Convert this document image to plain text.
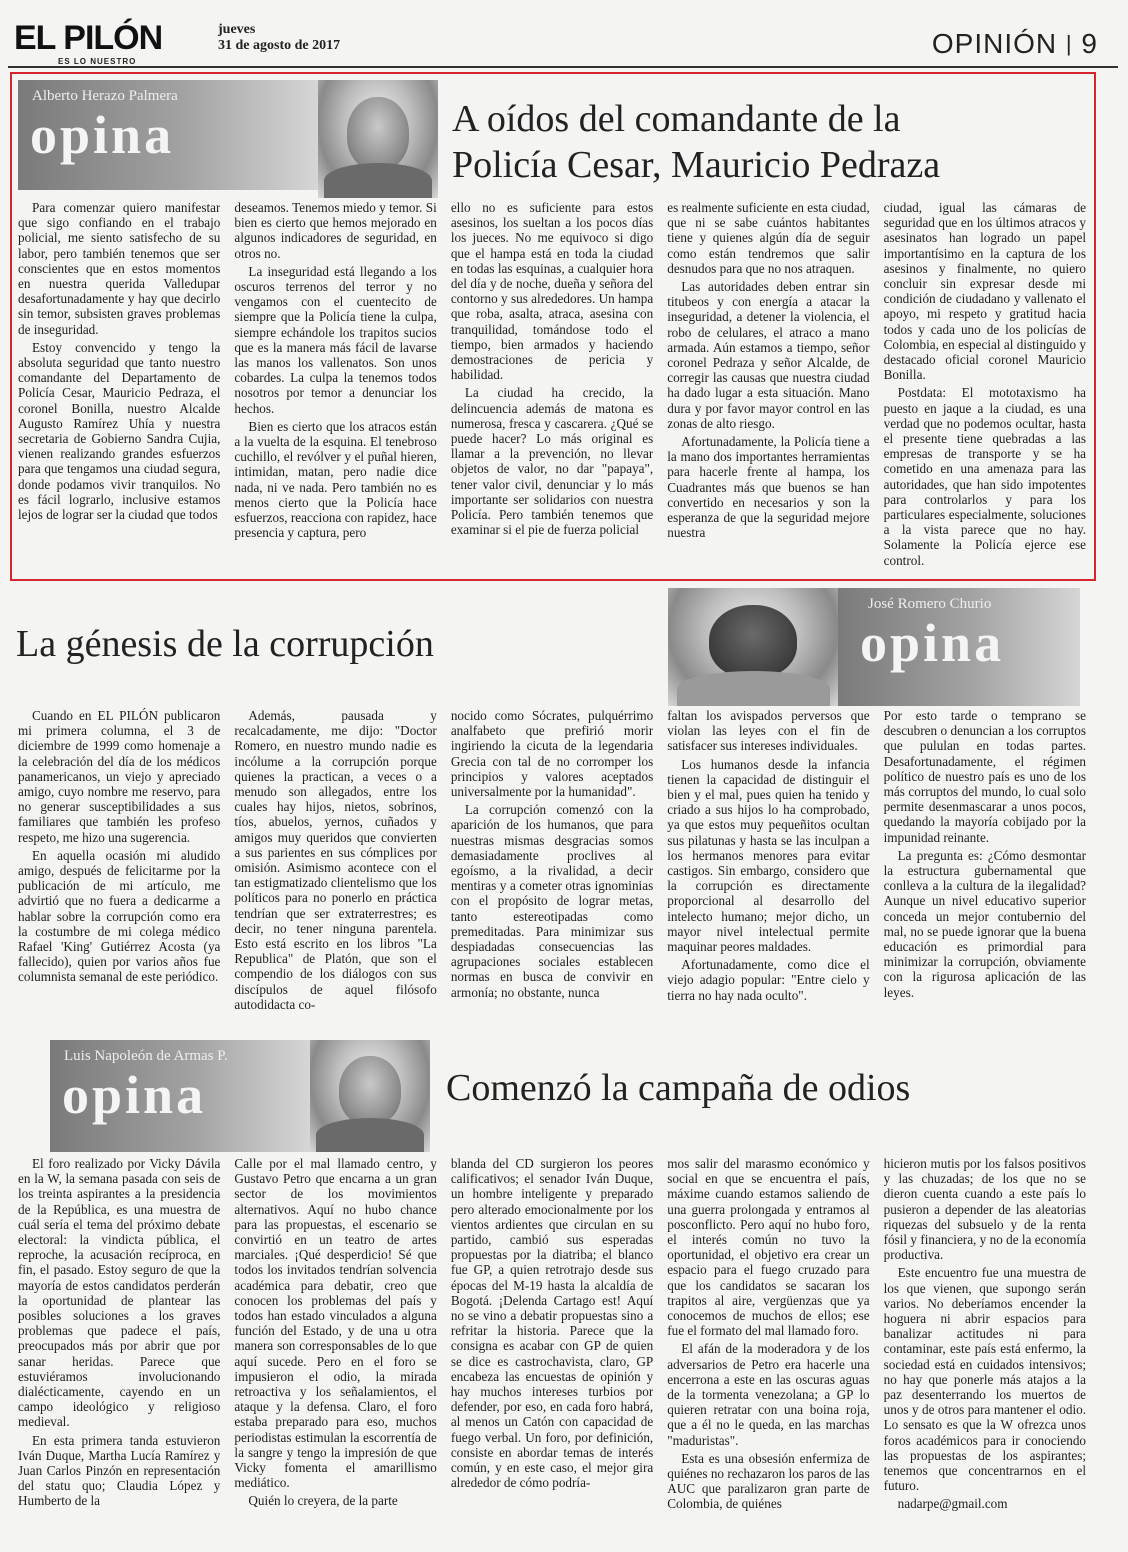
EL PILÓN
ES LO NUESTRO
jueves
31 de agosto de 2017	OPINIÓN | 9
Alberto Herazo Palmera
opina	A oídos del comandante de la
Policía Cesar, Mauricio Pedraza

Para comenzar quiero manifestar que sigo confiando en el trabajo policial, me siento satisfecho de su labor, pero también tenemos que ser conscientes que en estos momentos en nuestra querida Valledupar desafortunadamente y hay que decirlo sin temor, subsisten graves problemas de inseguridad.

Estoy convencido y tengo la absoluta seguridad que tanto nuestro comandante del Departamento de Policía Cesar, Mauricio Pedraza, el coronel Bonilla, nuestro Alcalde Augusto Ramírez Uhía y nuestra secretaria de Gobierno Sandra Cujia, vienen realizando grandes esfuerzos para que tengamos una ciudad segura, donde podamos vivir tranquilos. No es fácil lograrlo, inclusive estamos lejos de lograr ser la ciudad que todos

deseamos. Tenemos miedo y temor. Si bien es cierto que hemos mejorado en algunos indicadores de seguridad, en otros no.

La inseguridad está llegando a los oscuros terrenos del terror y no vengamos con el cuentecito de siempre que la Policía tiene la culpa, siempre echándole los trapitos sucios que es la manera más fácil de lavarse las manos los vallenatos. Son unos cobardes. La culpa la tenemos todos nosotros por temor a denunciar los hechos.

Bien es cierto que los atracos están a la vuelta de la esquina. El tenebroso cuchillo, el revólver y el puñal hieren, intimidan, matan, pero nadie dice nada, ni ve nada. Pero también no es menos cierto que la Policía hace esfuerzos, reacciona con rapidez, hace presencia y captura, pero

ello no es suficiente para estos asesinos, los sueltan a los pocos días los jueces. No me equivoco si digo que el hampa está en toda la ciudad en todas las esquinas, a cualquier hora del día y de noche, dueña y señora del contorno y sus alrededores. Un hampa que roba, asalta, atraca, asesina con tranquilidad, tomándose todo el tiempo, bien armados y haciendo demostraciones de pericia y habilidad.

La ciudad ha crecido, la delincuencia además de matona es numerosa, fresca y cascarera. ¿Qué se puede hacer? Lo más original es llamar a la prevención, no llevar objetos de valor, no dar "papaya", tener valor civil, denunciar y lo más importante ser solidarios con nuestra Policía. Pero también tenemos que examinar si el pie de fuerza policial

es realmente suficiente en esta ciudad, que ni se sabe cuántos habitantes tiene y quienes algún día de seguir como están tendremos que salir desnudos para que no nos atraquen.

Las autoridades deben entrar sin titubeos y con energía a atacar la inseguridad, a detener la violencia, el robo de celulares, el atraco a mano armada. Aún estamos a tiempo, señor coronel Pedraza y señor Alcalde, de corregir las causas que nuestra ciudad ha dado lugar a esta situación. Mano dura y por favor mayor control en las zonas de alto riesgo.

Afortunadamente, la Policía tiene a la mano dos importantes herramientas para hacerle frente al hampa, los Cuadrantes más que buenos se han convertido en necesarios y son la esperanza de que la seguridad mejore nuestra

ciudad, igual las cámaras de seguridad que en los últimos atracos y asesinatos han logrado un papel importantísimo en la captura de los asesinos y finalmente, no quiero concluir sin expresar desde mi condición de ciudadano y vallenato el apoyo, mi respeto y gratitud hacia todos y cada uno de los policías de Colombia, en especial al distinguido y destacado oficial coronel Mauricio Bonilla.

Postdata: El mototaxismo ha puesto en jaque a la ciudad, es una verdad que no podemos ocultar, hasta el presente tiene quebradas a las empresas de transporte y se ha cometido en una amenaza para las autoridades, que han sido impotentes para controlarlos y para los particulares especialmente, soluciones a la vista parece que no hay. Solamente la Policía ejerce ese control.

La génesis de la corrupción
José Romero Churio
opina

Cuando en EL PILÓN publicaron mi primera columna, el 3 de diciembre de 1999 como homenaje a la celebración del día de los médicos panamericanos, un viejo y apreciado amigo, cuyo nombre me reservo, para no generar susceptibilidades a sus familiares que también les profeso respeto, me hizo una sugerencia.

En aquella ocasión mi aludido amigo, después de felicitarme por la publicación de mi artículo, me advirtió que no fuera a dedicarme a hablar sobre la corrupción como era la costumbre de mi colega médico Rafael 'King' Gutiérrez Acosta (ya fallecido), quien por varios años fue columnista semanal de este periódico.

Además, pausada y recalcadamente, me dijo: "Doctor Romero, en nuestro mundo nadie es incólume a la corrupción porque quienes la practican, a veces o a menudo son allegados, entre los cuales hay hijos, nietos, sobrinos, tíos, abuelos, yernos, cuñados y amigos muy queridos que convierten a sus parientes en sus cómplices por omisión. Asimismo acontece con el tan estigmatizado clientelismo que los políticos para no ponerlo en práctica tendrían que ser extraterrestres; es decir, no tener ninguna parentela. Esto está escrito en los libros "La Republica" de Platón, que son el compendio de los diálogos con sus discípulos de aquel filósofo autodidacta co-

nocido como Sócrates, pulquérrimo analfabeto que prefirió morir ingiriendo la cicuta de la legendaria Grecia con tal de no corromper los principios y valores aceptados universalmente por la humanidad".

La corrupción comenzó con la aparición de los humanos, que para nuestras mismas desgracias somos demasiadamente proclives al egoísmo, a la rivalidad, a decir mentiras y a cometer otras ignominias con el propósito de lograr metas, tanto estereotipadas como premeditadas. Para minimizar sus despiadadas consecuencias las agrupaciones sociales establecen normas en busca de convivir en armonía; no obstante, nunca

faltan los avispados perversos que violan las leyes con el fin de satisfacer sus intereses individuales.

Los humanos desde la infancia tienen la capacidad de distinguir el bien y el mal, pues quien ha tenido y criado a sus hijos lo ha comprobado, ya que estos muy pequeñitos ocultan sus pilatunas y hasta se las inculpan a los hermanos menores para evitar castigos. Sin embargo, considero que la corrupción es directamente proporcional al desarrollo del intelecto humano; mejor dicho, un mayor nivel intelectual permite maquinar peores maldades.

Afortunadamente, como dice el viejo adagio popular: "Entre cielo y tierra no hay nada oculto".

Por esto tarde o temprano se descubren o denuncian a los corruptos que pululan en todas partes. Desafortunadamente, el régimen político de nuestro país es uno de los más corruptos del mundo, lo cual solo permite desenmascarar a unos pocos, quedando la mayoría cobijado por la impunidad reinante.

La pregunta es: ¿Cómo desmontar la estructura gubernamental que conlleva a la cultura de la ilegalidad? Aunque un nivel educativo superior conceda un mejor contubernio del mal, no se puede ignorar que la buena educación es primordial para minimizar la corrupción, obviamente con la rigurosa aplicación de las leyes.

Luis Napoleón de Armas P.
opina	Comenzó la campaña de odios

El foro realizado por Vicky Dávila en la W, la semana pasada con seis de los treinta aspirantes a la presidencia de la República, es una muestra de cuál sería el tema del próximo debate electoral: la vindicta pública, el reproche, la acusación recíproca, en fin, el pasado. Estoy seguro de que la mayoría de estos candidatos perderán la oportunidad de plantear las posibles soluciones a los graves problemas que padece el país, preocupados más por abrir que por sanar heridas. Parece que estuviéramos involucionando dialécticamente, cayendo en un campo ideológico y religioso medieval.

En esta primera tanda estuvieron Iván Duque, Martha Lucía Ramírez y Juan Carlos Pinzón en representación del statu quo; Claudia López y Humberto de la

Calle por el mal llamado centro, y Gustavo Petro que encarna a un gran sector de los movimientos alternativos. Aquí no hubo chance para las propuestas, el escenario se convirtió en un teatro de artes marciales. ¡Qué desperdicio! Sé que todos los invitados tendrían solvencia académica para debatir, creo que conocen los problemas del país y todos han estado vinculados a alguna función del Estado, y de una u otra manera son corresponsables de lo que aquí sucede. Pero en el foro se impusieron el odio, la mirada retroactiva y los señalamientos, el ataque y la defensa. Claro, el foro estaba preparado para eso, muchos periodistas estimulan la escorrentía de la sangre y tengo la impresión de que Vicky fomenta el amarillismo mediático.

Quién lo creyera, de la parte

blanda del CD surgieron los peores calificativos; el senador Iván Duque, un hombre inteligente y preparado pero alterado emocionalmente por los vientos ardientes que circulan en su partido, cambió sus esperadas propuestas por la diatriba; el blanco fue GP, a quien retrotrajo desde sus épocas del M-19 hasta la alcaldía de Bogotá. ¡Delenda Cartago est! Aquí no se vino a debatir propuestas sino a refritar la historia. Parece que la consigna es acabar con GP de quien se dice es castrochavista, claro, GP encabeza las encuestas de opinión y hay muchos intereses turbios por defender, por eso, en cada foro habrá, al menos un Catón con capacidad de fuego verbal. Un foro, por definición, consiste en abordar temas de interés común, y en este caso, el mejor gira alrededor de cómo podría-

mos salir del marasmo económico y social en que se encuentra el país, máxime cuando estamos saliendo de una guerra prolongada y entramos al posconflicto. Pero aquí no hubo foro, el interés común no tuvo la oportunidad, el objetivo era crear un espacio para el fuego cruzado para que los candidatos se sacaran los trapitos al aire, vergüenzas que ya conocemos de muchos de ellos; ese fue el formato del mal llamado foro.

El afán de la moderadora y de los adversarios de Petro era hacerle una encerrona a este en las oscuras aguas de la tormenta venezolana; a GP lo quieren retratar con una boina roja, que a él no le queda, en las marchas "maduristas".

Esta es una obsesión enfermiza de quiénes no rechazaron los paros de las AUC que paralizaron gran parte de Colombia, de quiénes

hicieron mutis por los falsos positivos y las chuzadas; de los que no se dieron cuenta cuando a este país lo pusieron a depender de las aleatorias riquezas del subsuelo y de la renta fósil y financiera, y no de la economía productiva.

Este encuentro fue una muestra de los que vienen, que supongo serán varios. No deberíamos encender la hoguera ni abrir espacios para banalizar actitudes ni para contaminar, este país está enfermo, la sociedad está en cuidados intensivos; no hay que ponerle más atajos a la paz desenterrando los muertos de unos y de otros para mantener el odio. Lo sensato es que la W ofrezca unos foros académicos para ir conociendo las propuestas de los aspirantes; tenemos que concentrarnos en el futuro.

nadarpe@gmail.com
